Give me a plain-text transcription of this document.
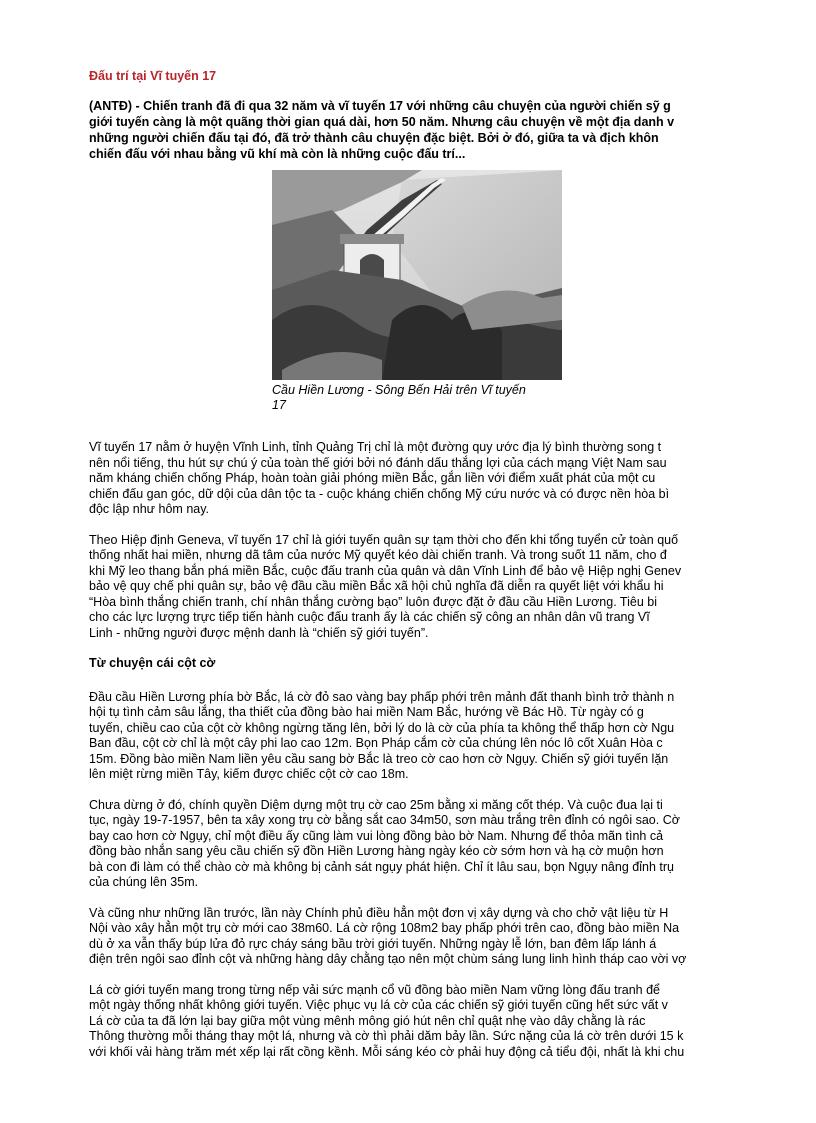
Đấu trí tại Vĩ tuyến 17
(ANTĐ) - Chiến tranh đã đi qua 32 năm và vĩ tuyến 17 với những câu chuyện của người chiến sỹ g
giới tuyến càng là một quãng thời gian quá dài, hơn 50 năm. Nhưng câu chuyện về một địa danh v
những người chiến đấu tại đó, đã trở thành câu chuyện đặc biệt. Bởi ở đó, giữa ta và địch khôn
chiến đấu với nhau bằng vũ khí mà còn là những cuộc đấu trí...
Cầu Hiền Lương - Sông Bến Hải trên Vĩ tuyến
17
Vĩ tuyến 17 nằm ở huyện Vĩnh Linh, tỉnh Quảng Trị chỉ là một đường quy ước địa lý bình thường song t
nên nổi tiếng, thu hút sự chú ý của toàn thế giới bởi nó đánh dấu thắng lợi của cách mạng Việt Nam sau
năm kháng chiến chống Pháp, hoàn toàn giải phóng miền Bắc, gắn liền với điểm xuất phát của một cu
chiến đấu gan góc, dữ dội của dân tộc ta - cuộc kháng chiến chống Mỹ cứu nước và có được nền hòa bì
độc lập như hôm nay.
Theo Hiệp định Geneva, vĩ tuyến 17 chỉ là giới tuyến quân sự tạm thời cho đến khi tổng tuyển cử toàn quố
thống nhất hai miền, nhưng dã tâm của nước Mỹ quyết kéo dài chiến tranh. Và trong suốt 11 năm, cho đ
khi Mỹ leo thang bắn phá miền Bắc, cuộc đấu tranh của quân và dân Vĩnh Linh để bảo vệ Hiệp nghị Genev
bảo vệ quy chế phi quân sự, bảo vệ đầu cầu miền Bắc xã hội chủ nghĩa đã diễn ra quyết liệt với khẩu hi
“Hòa bình thắng chiến tranh, chí nhân thắng cường bạo” luôn được đặt ở đầu cầu Hiền Lương. Tiêu bi
cho các lực lượng trực tiếp tiến hành cuộc đấu tranh ấy là các chiến sỹ công an nhân dân vũ trang Vĩ
Linh - những người được mệnh danh là “chiến sỹ giới tuyến”.
Từ chuyện cái cột cờ
Đầu cầu Hiền Lương phía bờ Bắc, lá cờ đỏ sao vàng bay phấp phới trên mảnh đất thanh bình trở thành n
hội tụ tình cảm sâu lắng, tha thiết của đồng bào hai miền Nam Bắc, hướng về Bác Hồ. Từ ngày có g
tuyến, chiều cao của cột cờ không ngừng tăng lên, bởi lý do là cờ của phía ta không thể thấp hơn cờ Ngu
Ban đầu, cột cờ chỉ là một cây phi lao cao 12m. Bọn Pháp cắm cờ của chúng lên nóc lô cốt Xuân Hòa c
15m. Đồng bào miền Nam liền yêu cầu sang bờ Bắc là treo cờ cao hơn cờ Ngụy. Chiến sỹ giới tuyến lặn
lên miệt rừng miền Tây, kiếm được chiếc cột cờ cao 18m.
Chưa dừng ở đó, chính quyền Diệm dựng một trụ cờ cao 25m bằng xi măng cốt thép. Và cuộc đua lại ti
tục, ngày 19-7-1957, bên ta xây xong trụ cờ bằng sắt cao 34m50, sơn màu trắng trên đỉnh có ngôi sao. Cờ
bay cao hơn cờ Ngụy, chỉ một điều ấy cũng làm vui lòng đồng bào bờ Nam. Nhưng để thỏa mãn tình cả
đồng bào nhắn sang yêu cầu chiến sỹ đồn Hiền Lương hàng ngày kéo cờ sớm hơn và hạ cờ muộn hơn
bà con đi làm có thể chào cờ mà không bị cảnh sát ngụy phát hiện. Chỉ ít lâu sau, bọn Ngụy nâng đỉnh trụ
của chúng lên 35m.
Và cũng như những lần trước, lần này Chính phủ điều hẳn một đơn vị xây dựng và cho chở vật liệu từ H
Nội vào xây hẳn một trụ cờ mới cao 38m60. Lá cờ rộng 108m2 bay phấp phới trên cao, đồng bào miền Na
dù ở xa vẫn thấy búp lửa đỏ rực cháy sáng bầu trời giới tuyến. Những ngày lễ lớn, ban đêm lấp lánh á
điện trên ngôi sao đỉnh cột và những hàng dây chằng tạo nên một chùm sáng lung linh hình tháp cao vời vợ
Lá cờ giới tuyến mang trong từng nếp vải sức mạnh cổ vũ đồng bào miền Nam vững lòng đấu tranh để
một ngày thống nhất không giới tuyến. Việc phục vụ lá cờ của các chiến sỹ giới tuyến cũng hết sức vất v
Lá cờ của ta đã lớn lại bay giữa một vùng mênh mông gió hút nên chỉ quật nhẹ vào dây chằng là rác
Thông thường mỗi tháng thay một lá, nhưng và cờ thì phải dăm bảy lần. Sức nặng của lá cờ trên dưới 15 k
với khối vải hàng trăm mét xếp lại rất cồng kềnh. Mỗi sáng kéo cờ phải huy động cả tiểu đội, nhất là khi chu
